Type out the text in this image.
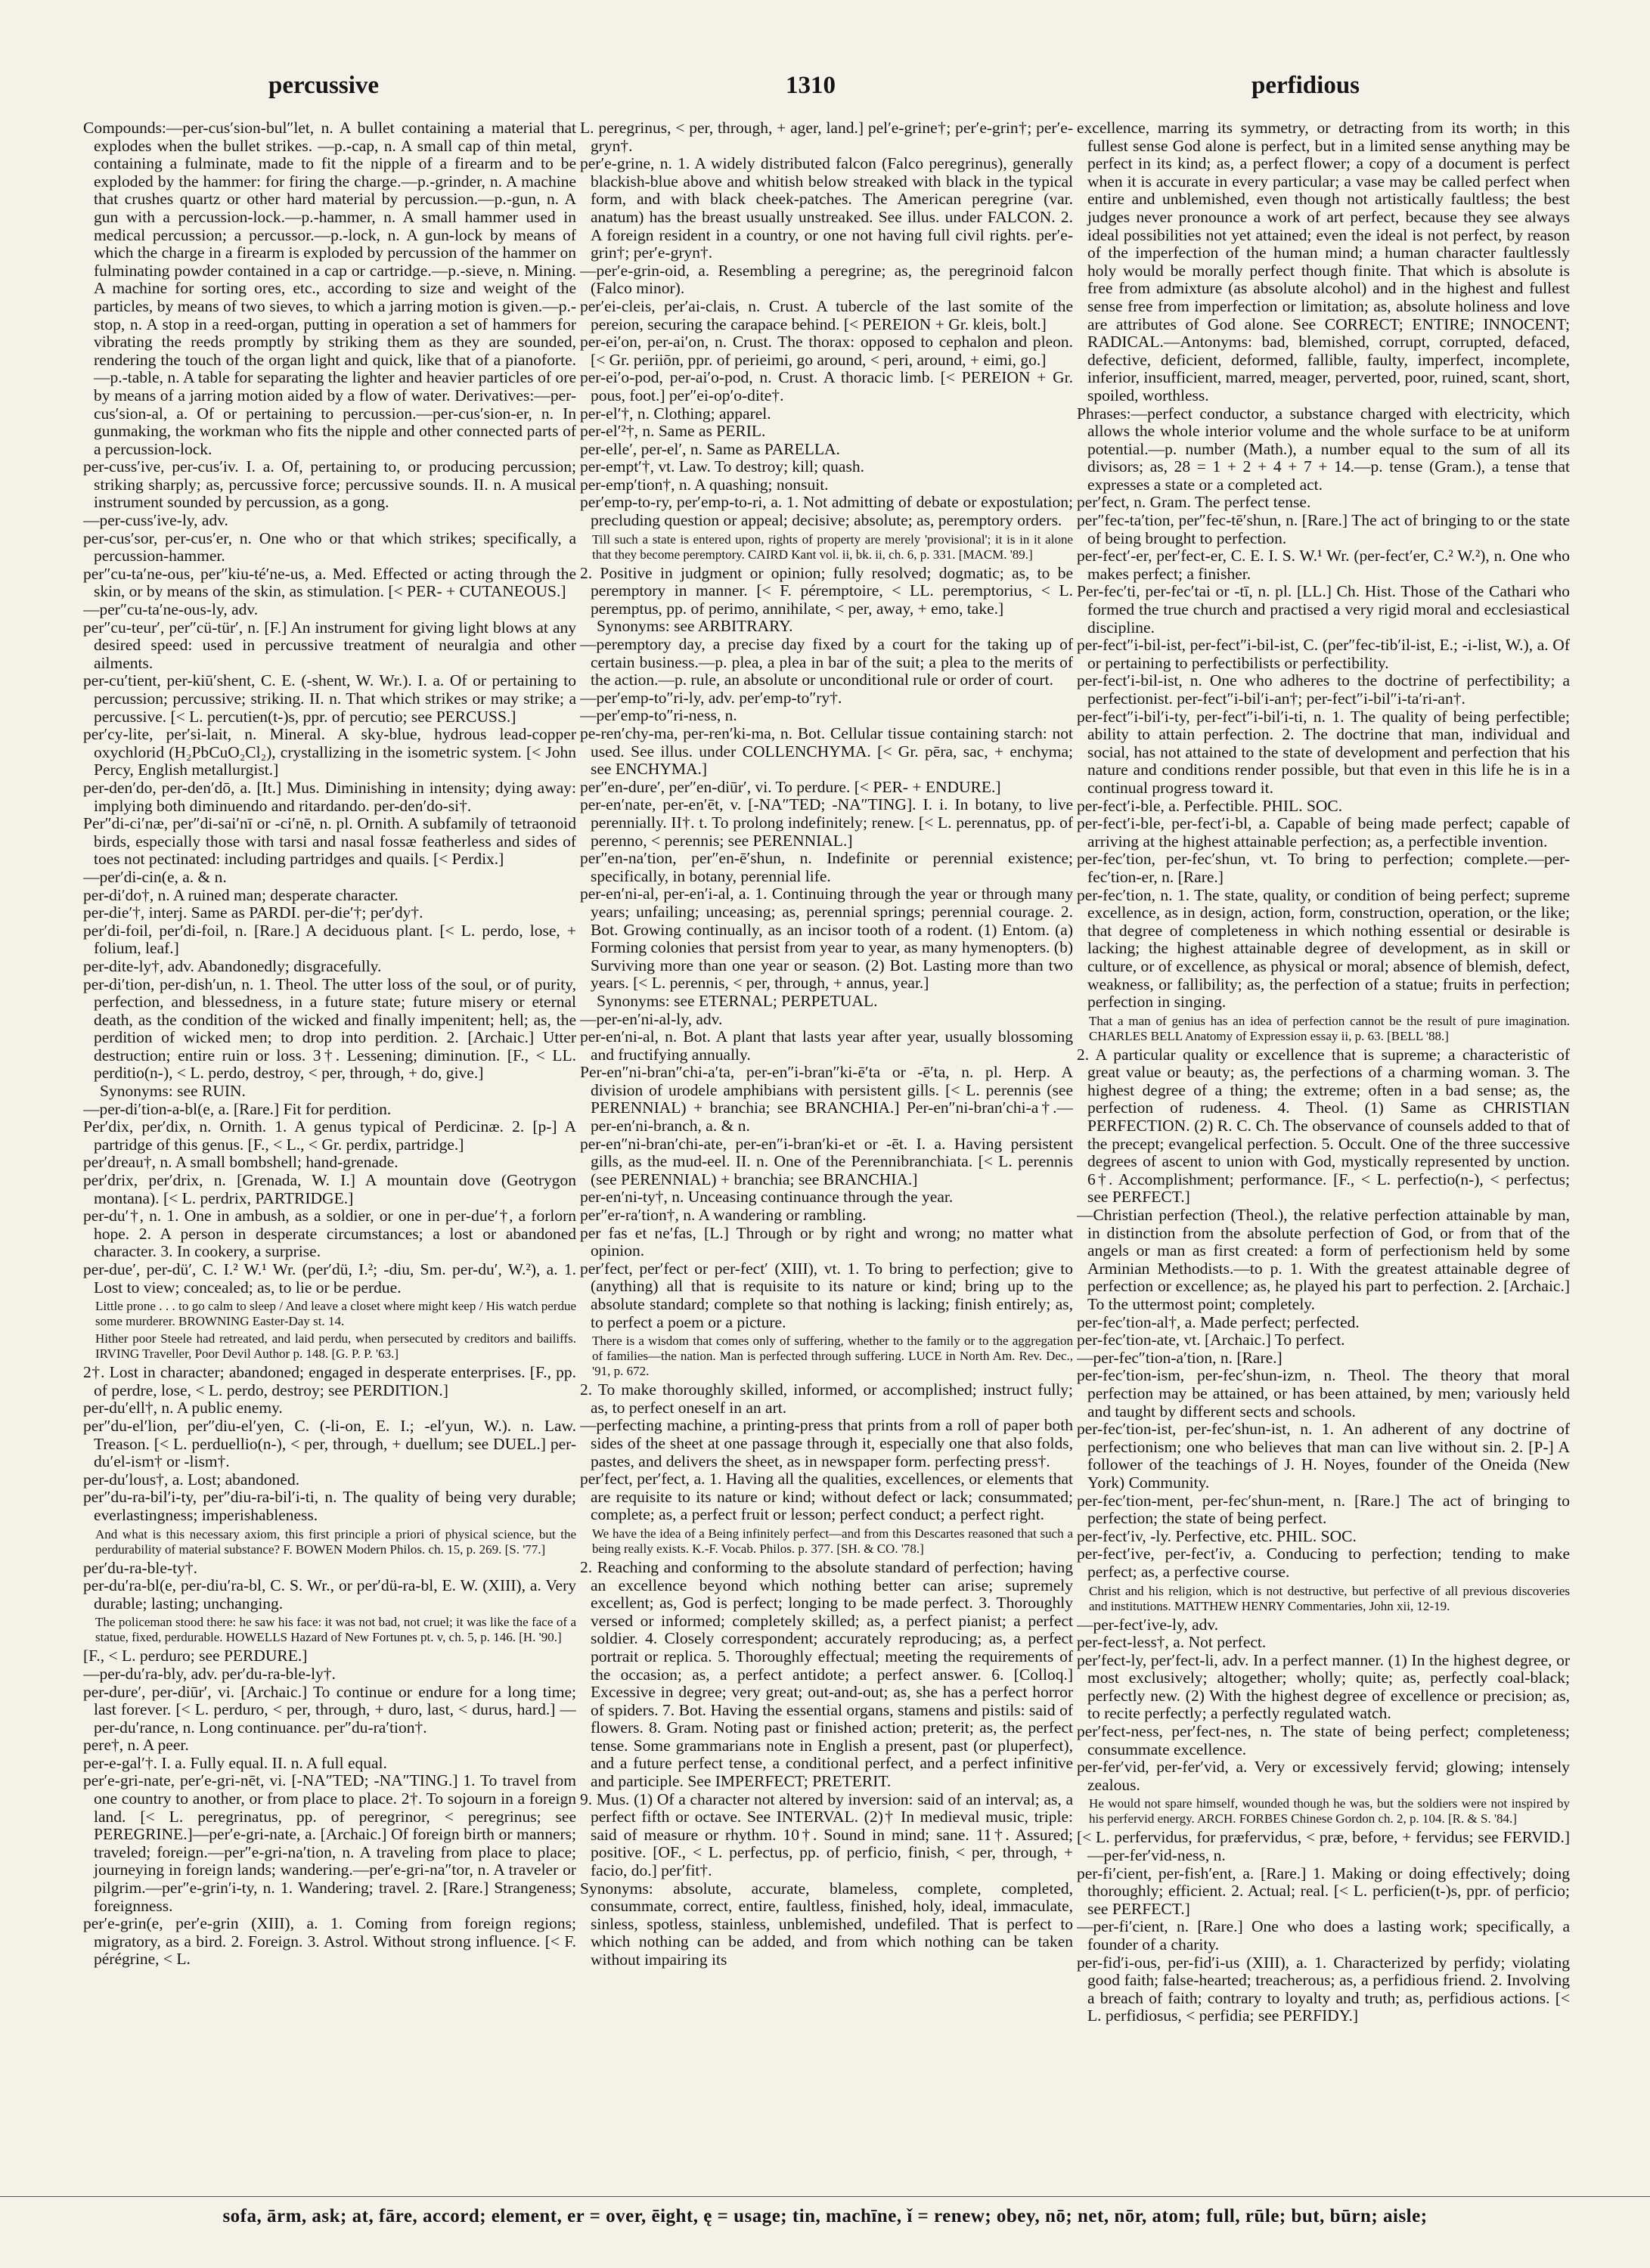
percussive	1310	perfidious

Compounds:—per-cus′sion-bul″let, n. A bullet containing a material that explodes when the bullet strikes. —p.-cap, n. A small cap of thin metal, containing a fulminate, made to fit the nipple of a firearm and to be exploded by the hammer: for firing the charge.—p.-grinder, n. A machine that crushes quartz or other hard material by percussion.—p.-gun, n. A gun with a percussion-lock.—p.-hammer, n. A small hammer used in medical percussion; a percussor.—p.-lock, n. A gun-lock by means of which the charge in a firearm is exploded by percussion of the hammer on fulminating powder contained in a cap or cartridge.—p.-sieve, n. Mining. A machine for sorting ores, etc., according to size and weight of the particles, by means of two sieves, to which a jarring motion is given.—p.-stop, n. A stop in a reed-organ, putting in operation a set of hammers for vibrating the reeds promptly by striking them as they are sounded, rendering the touch of the organ light and quick, like that of a pianoforte.—p.-table, n. A table for separating the lighter and heavier particles of ore by means of a jarring motion aided by a flow of water. Derivatives:—per-cus′sion-al, a. Of or pertaining to percussion.—per-cus′sion-er, n. In gunmaking, the workman who fits the nipple and other connected parts of a percussion-lock.

per-cuss′ive, per-cus′iv. I. a. Of, pertaining to, or producing percussion; striking sharply; as, percussive force; percussive sounds. II. n. A musical instrument sounded by percussion, as a gong.

—per-cuss′ive-ly, adv.

per-cus′sor, per-cus′er, n. One who or that which strikes; specifically, a percussion-hammer.

per″cu-ta′ne-ous, per″kiu-té′ne-us, a. Med. Effected or acting through the skin, or by means of the skin, as stimulation. [< PER- + CUTANEOUS.]

—per″cu-ta′ne-ous-ly, adv.

per″cu-teur′, per″cü-tür′, n. [F.] An instrument for giving light blows at any desired speed: used in percussive treatment of neuralgia and other ailments.

per-cu′tient, per-kiū′shent, C. E. (-shent, W. Wr.). I. a. Of or pertaining to percussion; percussive; striking. II. n. That which strikes or may strike; a percussive. [< L. percutien(t-)s, ppr. of percutio; see PERCUSS.]

per′cy-lite, per′si-lait, n. Mineral. A sky-blue, hydrous lead-copper oxychlorid (H₂PbCuO₂Cl₂), crystallizing in the isometric system. [< John Percy, English metallurgist.]

per-den′do, per-den′dō, a. [It.] Mus. Diminishing in intensity; dying away: implying both diminuendo and ritardando. per-den′do-si†.

Per″di-ci′næ, per″di-sai′nī or -ci′nē, n. pl. Ornith. A subfamily of tetraonoid birds, especially those with tarsi and nasal fossæ featherless and sides of toes not pectinated: including partridges and quails. [< Perdix.]

—per′di-cin(e, a. & n.

per-di′do†, n. A ruined man; desperate character.

per-die′†, interj. Same as PARDI. per-die′†; per′dy†.

per′di-foil, per′di-foil, n. [Rare.] A deciduous plant. [< L. perdo, lose, + folium, leaf.]

per-dite-ly†, adv. Abandonedly; disgracefully.

per-di′tion, per-dish′un, n. 1. Theol. The utter loss of the soul, or of purity, perfection, and blessedness, in a future state; future misery or eternal death, as the condition of the wicked and finally impenitent; hell; as, the perdition of wicked men; to drop into perdition. 2. [Archaic.] Utter destruction; entire ruin or loss. 3†. Lessening; diminution. [F., < LL. perditio(n-), < L. perdo, destroy, < per, through, + do, give.]

Synonyms: see RUIN.

—per-di′tion-a-bl(e, a. [Rare.] Fit for perdition.

Per′dix, per′dix, n. Ornith. 1. A genus typical of Perdicinæ. 2. [p-] A partridge of this genus. [F., < L., < Gr. perdix, partridge.]

per′dreau†, n. A small bombshell; hand-grenade.

per′drix, per′drix, n. [Grenada, W. I.] A mountain dove (Geotrygon montana). [< L. perdrix, PARTRIDGE.]

per-du′†, n. 1. One in ambush, as a soldier, or one in per-due′†, a forlorn hope. 2. A person in desperate circumstances; a lost or abandoned character. 3. In cookery, a surprise.

per-due′, per-dü′, C. I.² W.¹ Wr. (per′dü, I.²; -diu, Sm. per-du′, W.²), a. 1. Lost to view; concealed; as, to lie or be perdue.

Little prone . . . to go calm to sleep / And leave a closet where might keep / His watch perdue some murderer. BROWNING Easter-Day st. 14.

Hither poor Steele had retreated, and laid perdu, when persecuted by creditors and bailiffs. IRVING Traveller, Poor Devil Author p. 148. [G. P. P. '63.]

2†. Lost in character; abandoned; engaged in desperate enterprises. [F., pp. of perdre, lose, < L. perdo, destroy; see PERDITION.]

per-du′ell†, n. A public enemy.

per″du-el′lion, per″diu-el′yen, C. (-li-on, E. I.; -el′yun, W.). n. Law. Treason. [< L. perduellio(n-), < per, through, + duellum; see DUEL.] per-du′el-ism† or -lism†.

per-du′lous†, a. Lost; abandoned.

per″du-ra-bil′i-ty, per″diu-ra-bil′i-ti, n. The quality of being very durable; everlastingness; imperishableness.

And what is this necessary axiom, this first principle a priori of physical science, but the perdurability of material substance? F. BOWEN Modern Philos. ch. 15, p. 269. [S. '77.]

per′du-ra-ble-ty†.

per-du′ra-bl(e, per-diu′ra-bl, C. S. Wr., or per′dü-ra-bl, E. W. (XIII), a. Very durable; lasting; unchanging.

The policeman stood there: he saw his face: it was not bad, not cruel; it was like the face of a statue, fixed, perdurable. HOWELLS Hazard of New Fortunes pt. v, ch. 5, p. 146. [H. '90.]

[F., < L. perduro; see PERDURE.]

—per-du′ra-bly, adv. per′du-ra-ble-ly†.

per-dure′, per-diūr′, vi. [Archaic.] To continue or endure for a long time; last forever. [< L. perduro, < per, through, + duro, last, < durus, hard.] —per-du′rance, n. Long continuance. per″du-ra′tion†.

pere†, n. A peer.

per-e-gal′†. I. a. Fully equal. II. n. A full equal.

per′e-gri-nate, per′e-gri-nēt, vi. [-NA″TED; -NA″TING.] 1. To travel from one country to another, or from place to place. 2†. To sojourn in a foreign land. [< L. peregrinatus, pp. of peregrinor, < peregrinus; see PEREGRINE.]—per′e-gri-nate, a. [Archaic.] Of foreign birth or manners; traveled; foreign.—per″e-gri-na′tion, n. A traveling from place to place; journeying in foreign lands; wandering.—per′e-gri-na″tor, n. A traveler or pilgrim.—per″e-grin′i-ty, n. 1. Wandering; travel. 2. [Rare.] Strangeness; foreignness.

per′e-grin(e, per′e-grin (XIII), a. 1. Coming from foreign regions; migratory, as a bird. 2. Foreign. 3. Astrol. Without strong influence. [< F. pérégrine, < L.

L. peregrinus, < per, through, + ager, land.] pel′e-grine†; per′e-grin†; per′e-gryn†.

per′e-grine, n. 1. A widely distributed falcon (Falco peregrinus), generally blackish-blue above and whitish below streaked with black in the typical form, and with black cheek-patches. The American peregrine (var. anatum) has the breast usually unstreaked. See illus. under FALCON. 2. A foreign resident in a country, or one not having full civil rights. per′e-grin†; per′e-gryn†.

—per′e-grin-oid, a. Resembling a peregrine; as, the peregrinoid falcon (Falco minor).

per′ei-cleis, per′ai-clais, n. Crust. A tubercle of the last somite of the pereion, securing the carapace behind. [< PEREION + Gr. kleis, bolt.]

per-ei′on, per-ai′on, n. Crust. The thorax: opposed to cephalon and pleon. [< Gr. periiōn, ppr. of perieimi, go around, < peri, around, + eimi, go.]

per-ei′o-pod, per-ai′o-pod, n. Crust. A thoracic limb. [< PEREION + Gr. pous, foot.] per″ei-op′o-dite†.

per-el′†, n. Clothing; apparel.

per-el′²†, n. Same as PERIL.

per-elle′, per-el′, n. Same as PARELLA.

per-empt′†, vt. Law. To destroy; kill; quash.

per-emp′tion†, n. A quashing; nonsuit.

per′emp-to-ry, per′emp-to-ri, a. 1. Not admitting of debate or expostulation; precluding question or appeal; decisive; absolute; as, peremptory orders.

Till such a state is entered upon, rights of property are merely 'provisional'; it is in it alone that they become peremptory. CAIRD Kant vol. ii, bk. ii, ch. 6, p. 331. [MACM. '89.]

2. Positive in judgment or opinion; fully resolved; dogmatic; as, to be peremptory in manner. [< F. péremptoire, < LL. peremptorius, < L. peremptus, pp. of perimo, annihilate, < per, away, + emo, take.]

Synonyms: see ARBITRARY.

—peremptory day, a precise day fixed by a court for the taking up of certain business.—p. plea, a plea in bar of the suit; a plea to the merits of the action.—p. rule, an absolute or unconditional rule or order of court.

—per′emp-to″ri-ly, adv. per′emp-to″ry†.

—per′emp-to″ri-ness, n.

pe-ren′chy-ma, per-ren′ki-ma, n. Bot. Cellular tissue containing starch: not used. See illus. under COLLENCHYMA. [< Gr. pēra, sac, + enchyma; see ENCHYMA.]

per″en-dure′, per″en-diūr′, vi. To perdure. [< PER- + ENDURE.]

per-en′nate, per-en′ēt, v. [-NA″TED; -NA″TING]. I. i. In botany, to live perennially. II†. t. To prolong indefinitely; renew. [< L. perennatus, pp. of perenno, < perennis; see PERENNIAL.]

per″en-na′tion, per″en-ē′shun, n. Indefinite or perennial existence; specifically, in botany, perennial life.

per-en′ni-al, per-en′i-al, a. 1. Continuing through the year or through many years; unfailing; unceasing; as, perennial springs; perennial courage. 2. Bot. Growing continually, as an incisor tooth of a rodent. (1) Entom. (a) Forming colonies that persist from year to year, as many hymenopters. (b) Surviving more than one year or season. (2) Bot. Lasting more than two years. [< L. perennis, < per, through, + annus, year.]

Synonyms: see ETERNAL; PERPETUAL.

—per-en′ni-al-ly, adv.

per-en′ni-al, n. Bot. A plant that lasts year after year, usually blossoming and fructifying annually.

Per-en″ni-bran″chi-a′ta, per-en″i-bran″ki-ē′ta or -ē′ta, n. pl. Herp. A division of urodele amphibians with persistent gills. [< L. perennis (see PERENNIAL) + branchia; see BRANCHIA.] Per-en″ni-bran′chi-a†.—per-en′ni-branch, a. & n.

per-en″ni-bran′chi-ate, per-en″i-bran′ki-et or -ēt. I. a. Having persistent gills, as the mud-eel. II. n. One of the Perennibranchiata. [< L. perennis (see PERENNIAL) + branchia; see BRANCHIA.]

per-en′ni-ty†, n. Unceasing continuance through the year.

per″er-ra′tion†, n. A wandering or rambling.

per fas et ne′fas, [L.] Through or by right and wrong; no matter what opinion.

per′fect, per′fect or per-fect′ (XIII), vt. 1. To bring to perfection; give to (anything) all that is requisite to its nature or kind; bring up to the absolute standard; complete so that nothing is lacking; finish entirely; as, to perfect a poem or a picture.

There is a wisdom that comes only of suffering, whether to the family or to the aggregation of families—the nation. Man is perfected through suffering. LUCE in North Am. Rev. Dec., '91, p. 672.

2. To make thoroughly skilled, informed, or accomplished; instruct fully; as, to perfect oneself in an art.

—perfecting machine, a printing-press that prints from a roll of paper both sides of the sheet at one passage through it, especially one that also folds, pastes, and delivers the sheet, as in newspaper form. perfecting press†.

per′fect, per′fect, a. 1. Having all the qualities, excellences, or elements that are requisite to its nature or kind; without defect or lack; consummated; complete; as, a perfect fruit or lesson; perfect conduct; a perfect right.

We have the idea of a Being infinitely perfect—and from this Descartes reasoned that such a being really exists. K.-F. Vocab. Philos. p. 377. [SH. & CO. '78.]

2. Reaching and conforming to the absolute standard of perfection; having an excellence beyond which nothing better can arise; supremely excellent; as, God is perfect; longing to be made perfect. 3. Thoroughly versed or informed; completely skilled; as, a perfect pianist; a perfect soldier. 4. Closely correspondent; accurately reproducing; as, a perfect portrait or replica. 5. Thoroughly effectual; meeting the requirements of the occasion; as, a perfect antidote; a perfect answer. 6. [Colloq.] Excessive in degree; very great; out-and-out; as, she has a perfect horror of spiders. 7. Bot. Having the essential organs, stamens and pistils: said of flowers. 8. Gram. Noting past or finished action; preterit; as, the perfect tense. Some grammarians note in English a present, past (or pluperfect), and a future perfect tense, a conditional perfect, and a perfect infinitive and participle. See IMPERFECT; PRETERIT.

9. Mus. (1) Of a character not altered by inversion: said of an interval; as, a perfect fifth or octave. See INTERVAL. (2)† In medieval music, triple: said of measure or rhythm. 10†. Sound in mind; sane. 11†. Assured; positive. [OF., < L. perfectus, pp. of perficio, finish, < per, through, + facio, do.] per′fit†.

Synonyms: absolute, accurate, blameless, complete, completed, consummate, correct, entire, faultless, finished, holy, ideal, immaculate, sinless, spotless, stainless, unblemished, undefiled. That is perfect to which nothing can be added, and from which nothing can be taken without impairing its

excellence, marring its symmetry, or detracting from its worth; in this fullest sense God alone is perfect, but in a limited sense anything may be perfect in its kind; as, a perfect flower; a copy of a document is perfect when it is accurate in every particular; a vase may be called perfect when entire and unblemished, even though not artistically faultless; the best judges never pronounce a work of art perfect, because they see always ideal possibilities not yet attained; even the ideal is not perfect, by reason of the imperfection of the human mind; a human character faultlessly holy would be morally perfect though finite. That which is absolute is free from admixture (as absolute alcohol) and in the highest and fullest sense free from imperfection or limitation; as, absolute holiness and love are attributes of God alone. See CORRECT; ENTIRE; INNOCENT; RADICAL.—Antonyms: bad, blemished, corrupt, corrupted, defaced, defective, deficient, deformed, fallible, faulty, imperfect, incomplete, inferior, insufficient, marred, meager, perverted, poor, ruined, scant, short, spoiled, worthless.

Phrases:—perfect conductor, a substance charged with electricity, which allows the whole interior volume and the whole surface to be at uniform potential.—p. number (Math.), a number equal to the sum of all its divisors; as, 28 = 1 + 2 + 4 + 7 + 14.—p. tense (Gram.), a tense that expresses a state or a completed act.

per′fect, n. Gram. The perfect tense.

per″fec-ta′tion, per″fec-tē′shun, n. [Rare.] The act of bringing to or the state of being brought to perfection.

per-fect′-er, per′fect-er, C. E. I. S. W.¹ Wr. (per-fect′er, C.² W.²), n. One who makes perfect; a finisher.

Per-fec′ti, per-fec′tai or -tī, n. pl. [LL.] Ch. Hist. Those of the Cathari who formed the true church and practised a very rigid moral and ecclesiastical discipline.

per-fect″i-bil-ist, per-fect″i-bil-ist, C. (per″fec-tib′il-ist, E.; -i-list, W.), a. Of or pertaining to perfectibilists or perfectibility.

per-fect′i-bil-ist, n. One who adheres to the doctrine of perfectibility; a perfectionist. per-fect″i-bil′i-an†; per-fect″i-bil″i-ta′ri-an†.

per-fect″i-bil′i-ty, per-fect″i-bil′i-ti, n. 1. The quality of being perfectible; ability to attain perfection. 2. The doctrine that man, individual and social, has not attained to the state of development and perfection that his nature and conditions render possible, but that even in this life he is in a continual progress toward it.

per-fect′i-ble, a. Perfectible. PHIL. SOC.

per-fect′i-ble, per-fect′i-bl, a. Capable of being made perfect; capable of arriving at the highest attainable perfection; as, a perfectible invention.

per-fec′tion, per-fec′shun, vt. To bring to perfection; complete.—per-fec′tion-er, n. [Rare.]

per-fec′tion, n. 1. The state, quality, or condition of being perfect; supreme excellence, as in design, action, form, construction, operation, or the like; that degree of completeness in which nothing essential or desirable is lacking; the highest attainable degree of development, as in skill or culture, or of excellence, as physical or moral; absence of blemish, defect, weakness, or fallibility; as, the perfection of a statue; fruits in perfection; perfection in singing.

That a man of genius has an idea of perfection cannot be the result of pure imagination. CHARLES BELL Anatomy of Expression essay ii, p. 63. [BELL '88.]

2. A particular quality or excellence that is supreme; a characteristic of great value or beauty; as, the perfections of a charming woman. 3. The highest degree of a thing; the extreme; often in a bad sense; as, the perfection of rudeness. 4. Theol. (1) Same as CHRISTIAN PERFECTION. (2) R. C. Ch. The observance of counsels added to that of the precept; evangelical perfection. 5. Occult. One of the three successive degrees of ascent to union with God, mystically represented by unction. 6†. Accomplishment; performance. [F., < L. perfectio(n-), < perfectus; see PERFECT.]

—Christian perfection (Theol.), the relative perfection attainable by man, in distinction from the absolute perfection of God, or from that of the angels or man as first created: a form of perfectionism held by some Arminian Methodists.—to p. 1. With the greatest attainable degree of perfection or excellence; as, he played his part to perfection. 2. [Archaic.] To the uttermost point; completely.

per-fec′tion-al†, a. Made perfect; perfected.

per-fec′tion-ate, vt. [Archaic.] To perfect.

—per-fec″tion-a′tion, n. [Rare.]

per-fec′tion-ism, per-fec′shun-izm, n. Theol. The theory that moral perfection may be attained, or has been attained, by men; variously held and taught by different sects and schools.

per-fec′tion-ist, per-fec′shun-ist, n. 1. An adherent of any doctrine of perfectionism; one who believes that man can live without sin. 2. [P-] A follower of the teachings of J. H. Noyes, founder of the Oneida (New York) Community.

per-fec′tion-ment, per-fec′shun-ment, n. [Rare.] The act of bringing to perfection; the state of being perfect.

per-fect′iv, -ly. Perfective, etc. PHIL. SOC.

per-fect′ive, per-fect′iv, a. Conducing to perfection; tending to make perfect; as, a perfective course.

Christ and his religion, which is not destructive, but perfective of all previous discoveries and institutions. MATTHEW HENRY Commentaries, John xii, 12-19.

—per-fect′ive-ly, adv.

per-fect-less†, a. Not perfect.

per′fect-ly, per′fect-li, adv. In a perfect manner. (1) In the highest degree, or most exclusively; altogether; wholly; quite; as, perfectly coal-black; perfectly new. (2) With the highest degree of excellence or precision; as, to recite perfectly; a perfectly regulated watch.

per′fect-ness, per′fect-nes, n. The state of being perfect; completeness; consummate excellence.

per-fer′vid, per-fer′vid, a. Very or excessively fervid; glowing; intensely zealous.

He would not spare himself, wounded though he was, but the soldiers were not inspired by his perfervid energy. ARCH. FORBES Chinese Gordon ch. 2, p. 104. [R. & S. '84.]

[< L. perfervidus, for præfervidus, < præ, before, + fervidus; see FERVID.]—per-fer′vid-ness, n.

per-fi′cient, per-fish′ent, a. [Rare.] 1. Making or doing effectively; doing thoroughly; efficient. 2. Actual; real. [< L. perficien(t-)s, ppr. of perficio; see PERFECT.]

—per-fi′cient, n. [Rare.] One who does a lasting work; specifically, a founder of a charity.

per-fid′i-ous, per-fid′i-us (XIII), a. 1. Characterized by perfidy; violating good faith; false-hearted; treacherous; as, a perfidious friend. 2. Involving a breach of faith; contrary to loyalty and truth; as, perfidious actions. [< L. perfidiosus, < perfidia; see PERFIDY.]

sofa, ārm, ask; at, fāre, accord; element, er = over, ēight, ę = usage; tin, machīne, ǐ = renew; obey, nō; net, nōr, atom; full, rūle; but, būrn; aisle;
